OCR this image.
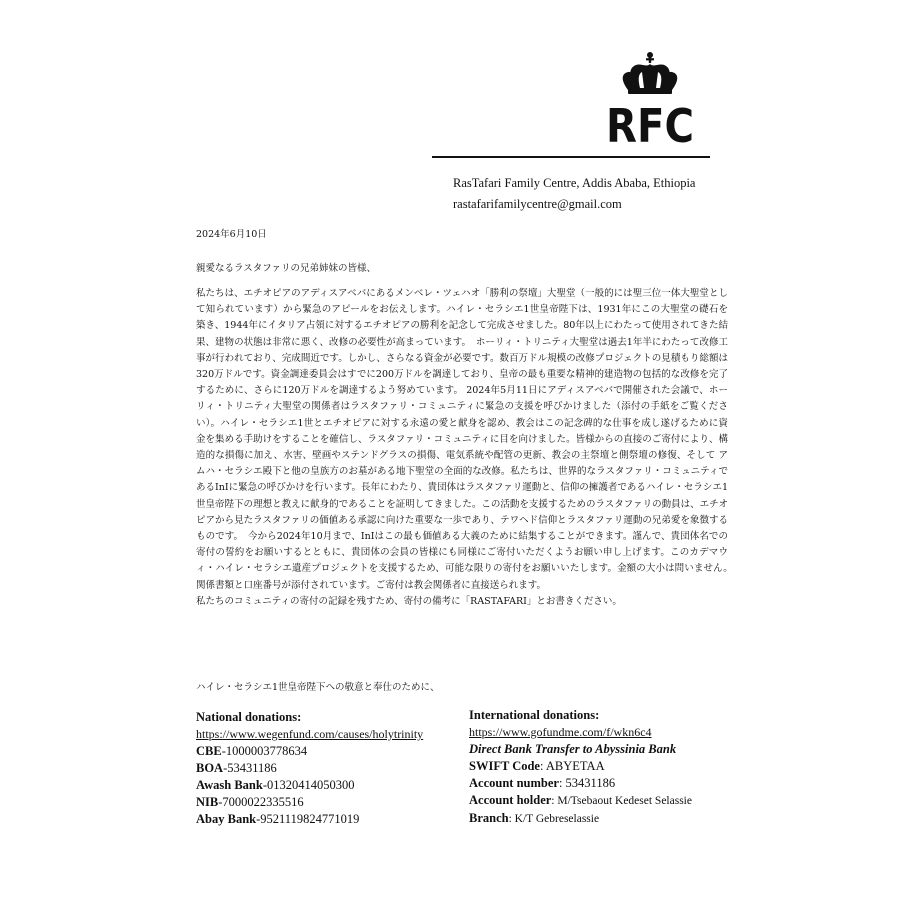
RFC
RasTafari Family Centre, Addis Ababa, Ethiopia
rastafarifamilycentre@gmail.com
2024年6月10日
親愛なるラスタファリの兄弟姉妹の皆様、

私たちは、エチオピアのアディスアベバにあるメンベレ・ツェハオ「勝利の祭壇」大聖堂（一般的には聖三位一体大聖堂として知られています）から緊急のアピールをお伝えします。ハイレ・セラシエ1世皇帝陛下は、1931年にこの大聖堂の礎石を築き、1944年にイタリア占領に対するエチオピアの勝利を記念して完成させました。80年以上にわたって使用されてきた結果、建物の状態は非常に悪く、改修の必要性が高まっています。　ホーリィ・トリニティ大聖堂は過去1年半にわたって改修工事が行われており、完成間近です。しかし、さらなる資金が必要です。数百万ドル規模の改修プロジェクトの見積もり総額は320万ドルです。資金調達委員会はすでに200万ドルを調達しており、皇帝の最も重要な精神的建造物の包括的な改修を完了するために、さらに120万ドルを調達するよう努めています。 2024年5月11日にアディスアベバで開催された会議で、ホーリィ・トリニティ大聖堂の関係者はラスタファリ・コミュニティに緊急の支援を呼びかけました（添付の手紙をご覧ください）。ハイレ・セラシエ1世とエチオピアに対する永遠の愛と献身を認め、教会はこの記念碑的な仕事を成し遂げるために資金を集める手助けをすることを確信し、ラスタファリ・コミュニティに目を向けました。皆様からの直接のご寄付により、構造的な損傷に加え、水害、壁画やステンドグラスの損傷、電気系統や配管の更新、教会の主祭壇と側祭壇の修復、そして アムハ・セラシエ殿下と他の皇族方のお墓がある地下聖堂の全面的な改修。私たちは、世界的なラスタファリ・コミュニティであるInIに緊急の呼びかけを行います。長年にわたり、貴団体はラスタファリ運動と、信仰の擁護者であるハイレ・セラシエ1世皇帝陛下の理想と教えに献身的であることを証明してきました。この活動を支援するためのラスタファリの動員は、エチオピアから見たラスタファリの価値ある承認に向けた重要な一歩であり、テワヘド信仰とラスタファリ運動の兄弟愛を象徴するものです。　今から2024年10月まで、InIはこの最も価値ある大義のために結集することができます。謹んで、貴団体名での寄付の誓約をお願いするとともに、貴団体の会員の皆様にも同様にご寄付いただくようお願い申し上げます。このカデマウィ・ハイレ・セラシエ遺産プロジェクトを支援するため、可能な限りの寄付をお願いいたします。金額の大小は問いません。　関係書類と口座番号が添付されています。ご寄付は教会関係者に直接送られます。

私たちのコミュニティの寄付の記録を残すため、寄付の備考に「RASTAFARI」とお書きください。

ハイレ・セラシエ1世皇帝陛下への敬意と奉仕のために、
National donations:
https://www.wegenfund.com/causes/holytrinity
CBE-1000003778634
BOA-53431186
Awash Bank-01320414050300
NIB-7000022335516
Abay Bank-9521119824771019
International donations:
https://www.gofundme.com/f/wkn6c4
Direct Bank Transfer to Abyssinia Bank
SWIFT Code: ABYETAA
Account number: 53431186
Account holder: M/Tsebaout Kedeset Selassie
Branch: K/T Gebreselassie
